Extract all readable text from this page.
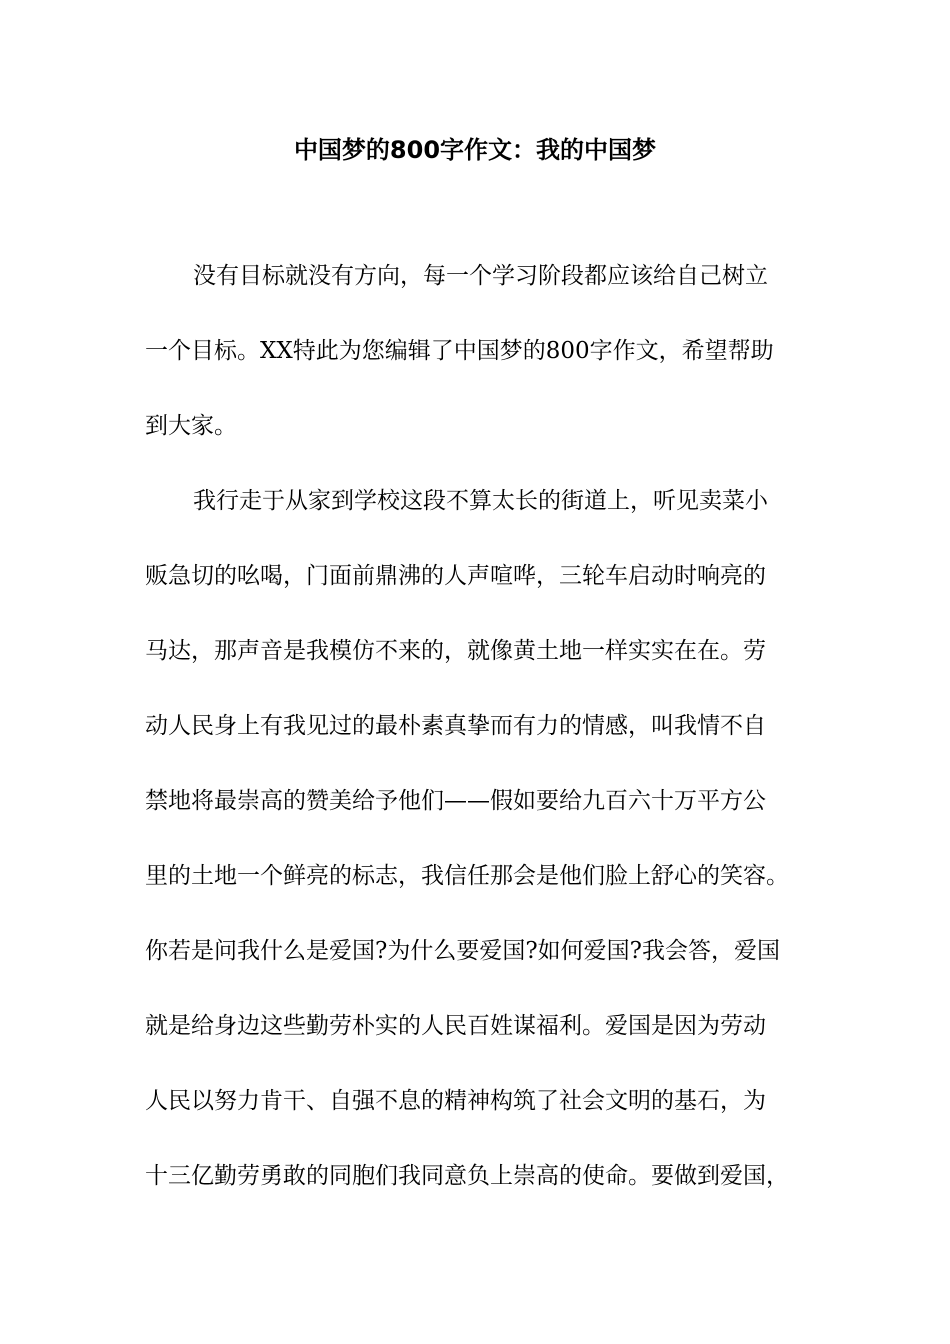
中国梦的800字作文：我的中国梦
没有目标就没有方向，每一个学习阶段都应该给自己树立
一个目标。XX特此为您编辑了中国梦的800字作文，希望帮助
到大家。
我行走于从家到学校这段不算太长的街道上，听见卖菜小
贩急切的吆喝，门面前鼎沸的人声喧哗，三轮车启动时响亮的
马达，那声音是我模仿不来的，就像黄土地一样实实在在。劳
动人民身上有我见过的最朴素真挚而有力的情感，叫我情不自
禁地将最崇高的赞美给予他们——假如要给九百六十万平方公
里的土地一个鲜亮的标志，我信任那会是他们脸上舒心的笑容。
你若是问我什么是爱国?为什么要爱国?如何爱国?我会答，爱国
就是给身边这些勤劳朴实的人民百姓谋福利。爱国是因为劳动
人民以努力肯干、自强不息的精神构筑了社会文明的基石，为
十三亿勤劳勇敢的同胞们我同意负上崇高的使命。要做到爱国，
